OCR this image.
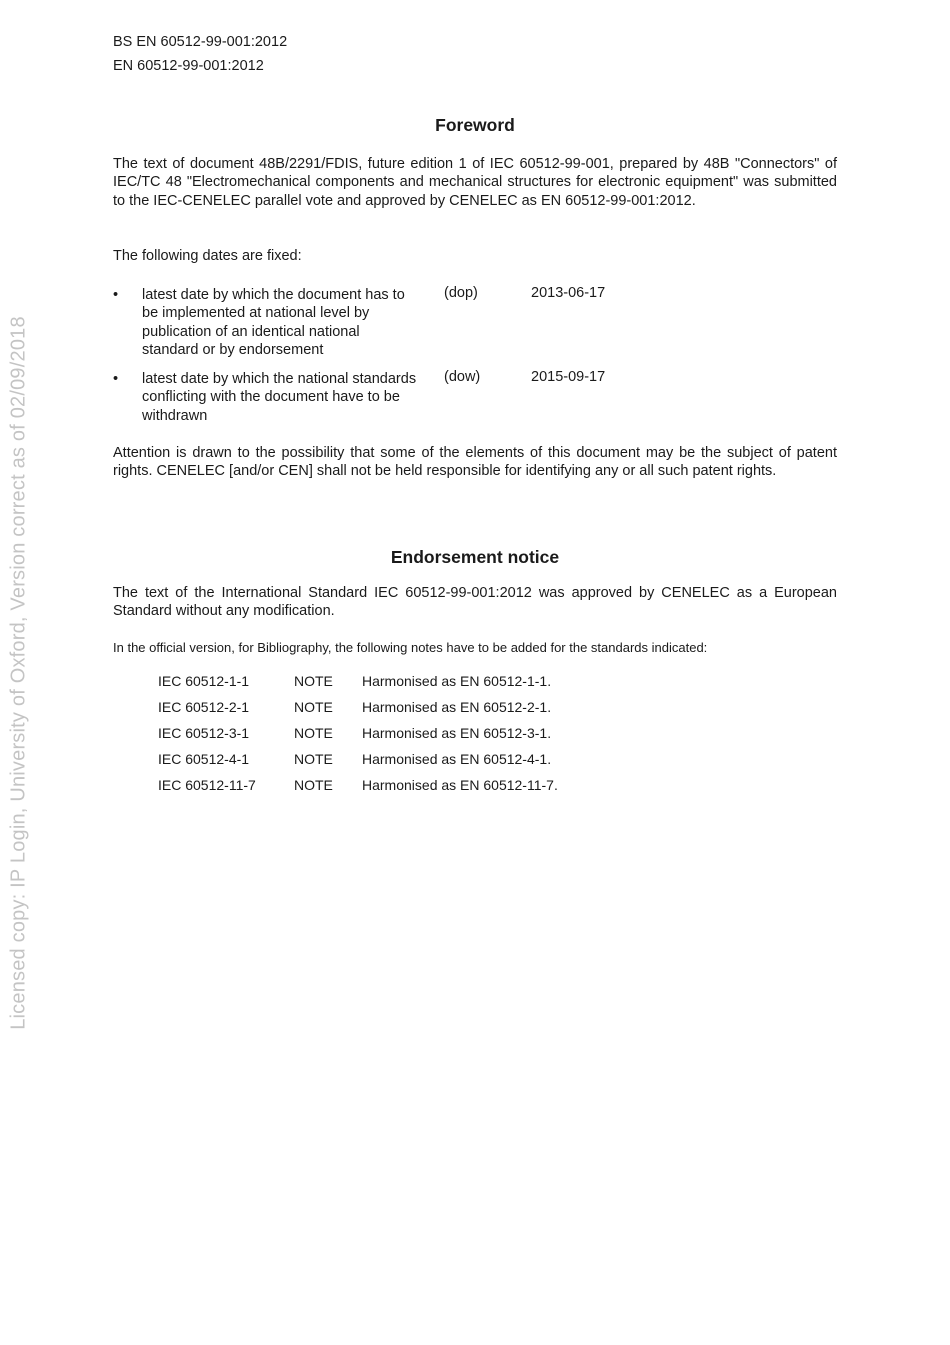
Licensed copy: IP Login, University of Oxford, Version correct as of 02/09/2018
BS EN 60512-99-001:2012
EN 60512-99-001:2012
Foreword

The text of document 48B/2291/FDIS, future edition 1 of IEC 60512-99-001, prepared by 48B "Connectors" of IEC/TC 48 "Electromechanical components and mechanical structures for electronic equipment" was submitted to the IEC-CENELEC parallel vote and approved by CENELEC as EN 60512-99-001:2012.

The following dates are fixed:

•	latest date by which the document has to be implemented at national level by publication of an identical national standard or by endorsement
(dop)	2013-06-17
•	latest date by which the national standards conflicting with the document have to be withdrawn
(dow)	2015-09-17

Attention is drawn to the possibility that some of the elements of this document may be the subject of patent rights. CENELEC [and/or CEN] shall not be held responsible for identifying any or all such patent rights.

Endorsement notice

The text of the International Standard IEC 60512-99-001:2012 was approved by CENELEC as a European Standard without any modification.

In the official version, for Bibliography, the following notes have to be added for the standards indicated:

IEC 60512-1-1	NOTE Harmonised as EN 60512-1-1.
IEC 60512-2-1	NOTE Harmonised as EN 60512-2-1.
IEC 60512-3-1	NOTE Harmonised as EN 60512-3-1.
IEC 60512-4-1	NOTE Harmonised as EN 60512-4-1.
IEC 60512-11-7	NOTE Harmonised as EN 60512-11-7.
